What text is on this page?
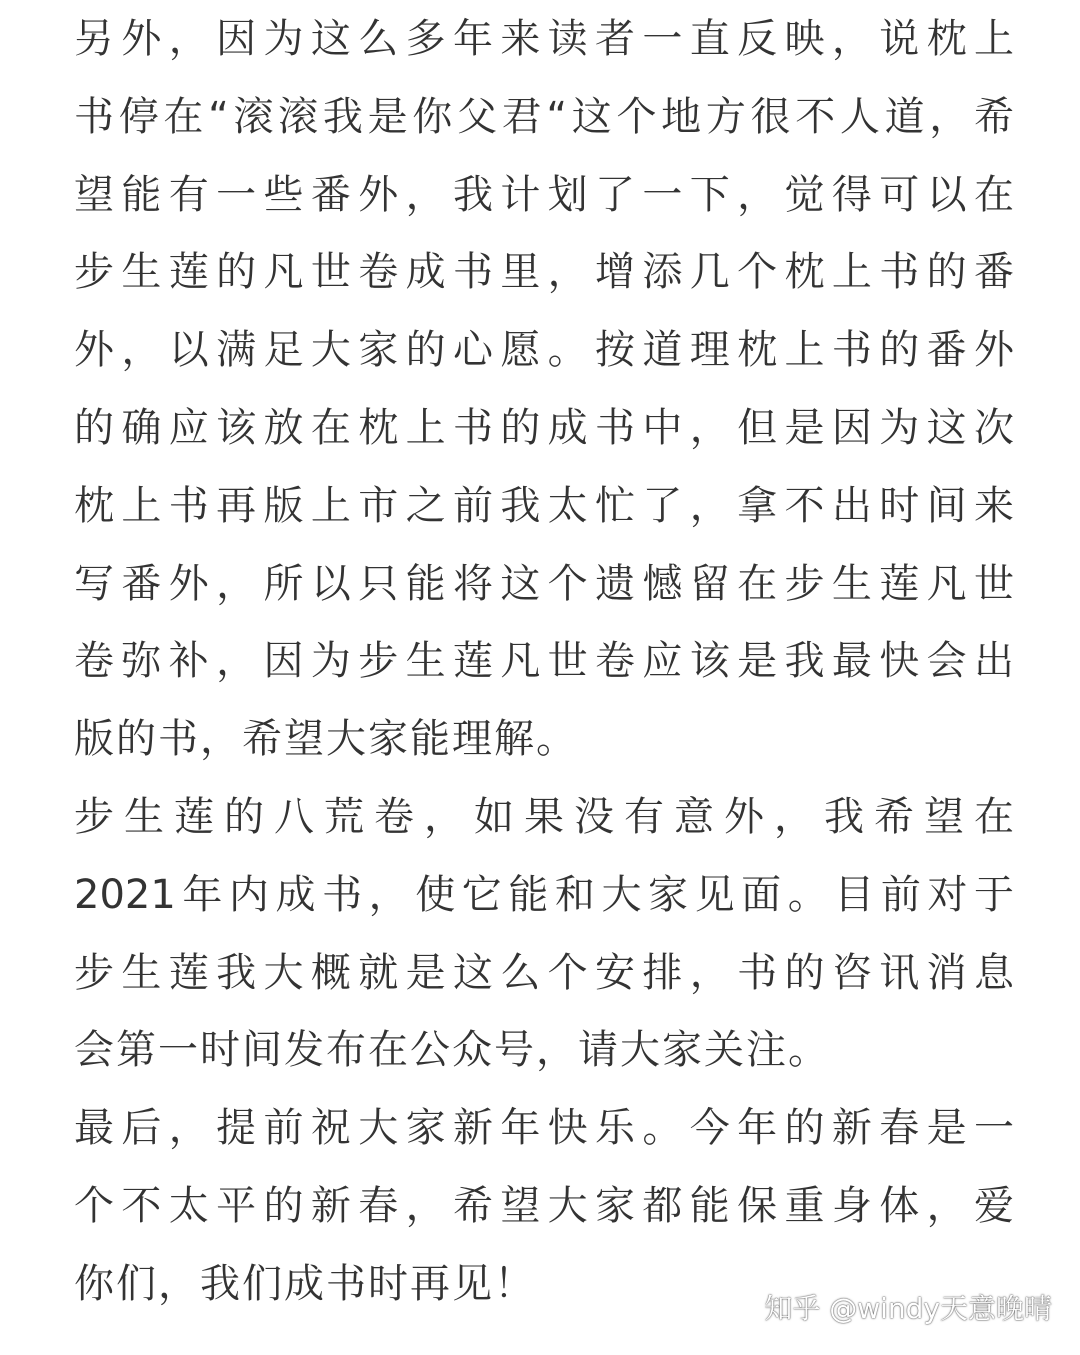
另外，因为这么多年来读者一直反映，说枕上
书停在“滚滚我是你父君“这个地方很不人道，希
望能有一些番外，我计划了一下，觉得可以在
步生莲的凡世卷成书里，增添几个枕上书的番
外，以满足大家的心愿。按道理枕上书的番外
的确应该放在枕上书的成书中，但是因为这次
枕上书再版上市之前我太忙了，拿不出时间来
写番外，所以只能将这个遗憾留在步生莲凡世
卷弥补，因为步生莲凡世卷应该是我最快会出
版的书，希望大家能理解。
步生莲的八荒卷，如果没有意外，我希望在
2021年内成书，使它能和大家见面。目前对于
步生莲我大概就是这么个安排，书的咨讯消息
会第一时间发布在公众号，请大家关注。
最后，提前祝大家新年快乐。今年的新春是一
个不太平的新春，希望大家都能保重身体，爱
你们，我们成书时再见！
知乎 @windy天意晚晴
